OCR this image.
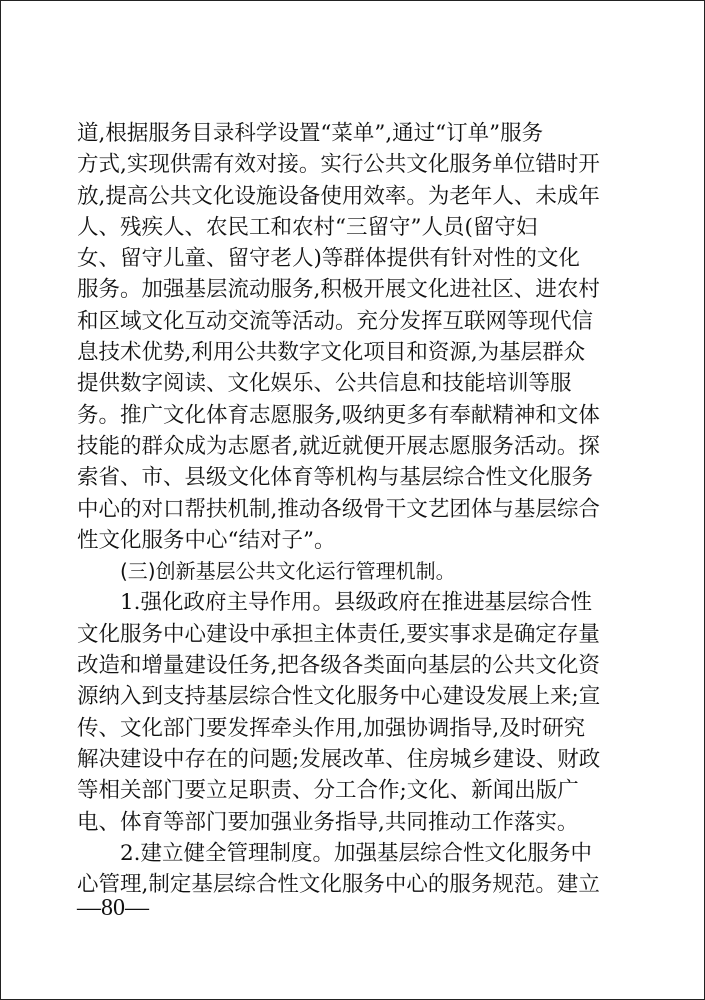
道,根据服务目录科学设置“菜单”,通过“订单”服务
方式,实现供需有效对接。实行公共文化服务单位错时开
放,提高公共文化设施设备使用效率。为老年人、未成年
人、残疾人、农民工和农村“三留守”人员(留守妇
女、留守儿童、留守老人)等群体提供有针对性的文化
服务。加强基层流动服务,积极开展文化进社区、进农村
和区域文化互动交流等活动。充分发挥互联网等现代信
息技术优势,利用公共数字文化项目和资源,为基层群众
提供数字阅读、文化娱乐、公共信息和技能培训等服
务。推广文化体育志愿服务,吸纳更多有奉献精神和文体
技能的群众成为志愿者,就近就便开展志愿服务活动。探
索省、市、县级文化体育等机构与基层综合性文化服务
中心的对口帮扶机制,推动各级骨干文艺团体与基层综合
性文化服务中心“结对子”。
(三)创新基层公共文化运行管理机制。
1.强化政府主导作用。县级政府在推进基层综合性
文化服务中心建设中承担主体责任,要实事求是确定存量
改造和增量建设任务,把各级各类面向基层的公共文化资
源纳入到支持基层综合性文化服务中心建设发展上来;宣
传、文化部门要发挥牵头作用,加强协调指导,及时研究
解决建设中存在的问题;发展改革、住房城乡建设、财政
等相关部门要立足职责、分工合作;文化、新闻出版广
电、体育等部门要加强业务指导,共同推动工作落实。
2.建立健全管理制度。加强基层综合性文化服务中
心管理,制定基层综合性文化服务中心的服务规范。建立
—80—
